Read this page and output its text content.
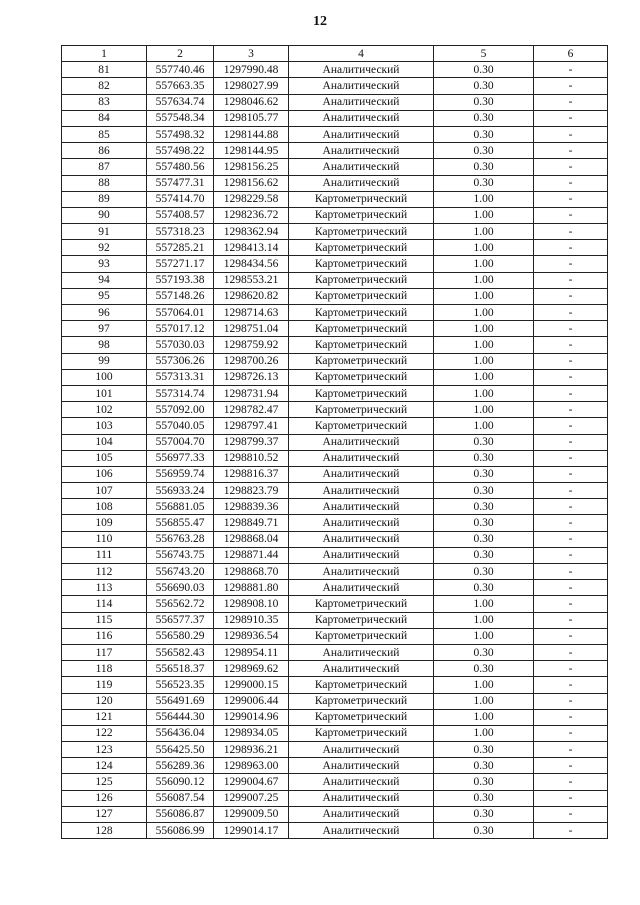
12
1	2	3	4	5	6
81	557740.46	1297990.48	Аналитический	0.30	-
82	557663.35	1298027.99	Аналитический	0.30	-
83	557634.74	1298046.62	Аналитический	0.30	-
84	557548.34	1298105.77	Аналитический	0.30	-
85	557498.32	1298144.88	Аналитический	0.30	-
86	557498.22	1298144.95	Аналитический	0.30	-
87	557480.56	1298156.25	Аналитический	0.30	-
88	557477.31	1298156.62	Аналитический	0.30	-
89	557414.70	1298229.58	Картометрический	1.00	-
90	557408.57	1298236.72	Картометрический	1.00	-
91	557318.23	1298362.94	Картометрический	1.00	-
92	557285.21	1298413.14	Картометрический	1.00	-
93	557271.17	1298434.56	Картометрический	1.00	-
94	557193.38	1298553.21	Картометрический	1.00	-
95	557148.26	1298620.82	Картометрический	1.00	-
96	557064.01	1298714.63	Картометрический	1.00	-
97	557017.12	1298751.04	Картометрический	1.00	-
98	557030.03	1298759.92	Картометрический	1.00	-
99	557306.26	1298700.26	Картометрический	1.00	-
100	557313.31	1298726.13	Картометрический	1.00	-
101	557314.74	1298731.94	Картометрический	1.00	-
102	557092.00	1298782.47	Картометрический	1.00	-
103	557040.05	1298797.41	Картометрический	1.00	-
104	557004.70	1298799.37	Аналитический	0.30	-
105	556977.33	1298810.52	Аналитический	0.30	-
106	556959.74	1298816.37	Аналитический	0.30	-
107	556933.24	1298823.79	Аналитический	0.30	-
108	556881.05	1298839.36	Аналитический	0.30	-
109	556855.47	1298849.71	Аналитический	0.30	-
110	556763.28	1298868.04	Аналитический	0.30	-
111	556743.75	1298871.44	Аналитический	0.30	-
112	556743.20	1298868.70	Аналитический	0.30	-
113	556690.03	1298881.80	Аналитический	0.30	-
114	556562.72	1298908.10	Картометрический	1.00	-
115	556577.37	1298910.35	Картометрический	1.00	-
116	556580.29	1298936.54	Картометрический	1.00	-
117	556582.43	1298954.11	Аналитический	0.30	-
118	556518.37	1298969.62	Аналитический	0.30	-
119	556523.35	1299000.15	Картометрический	1.00	-
120	556491.69	1299006.44	Картометрический	1.00	-
121	556444.30	1299014.96	Картометрический	1.00	-
122	556436.04	1298934.05	Картометрический	1.00	-
123	556425.50	1298936.21	Аналитический	0.30	-
124	556289.36	1298963.00	Аналитический	0.30	-
125	556090.12	1299004.67	Аналитический	0.30	-
126	556087.54	1299007.25	Аналитический	0.30	-
127	556086.87	1299009.50	Аналитический	0.30	-
128	556086.99	1299014.17	Аналитический	0.30	-
